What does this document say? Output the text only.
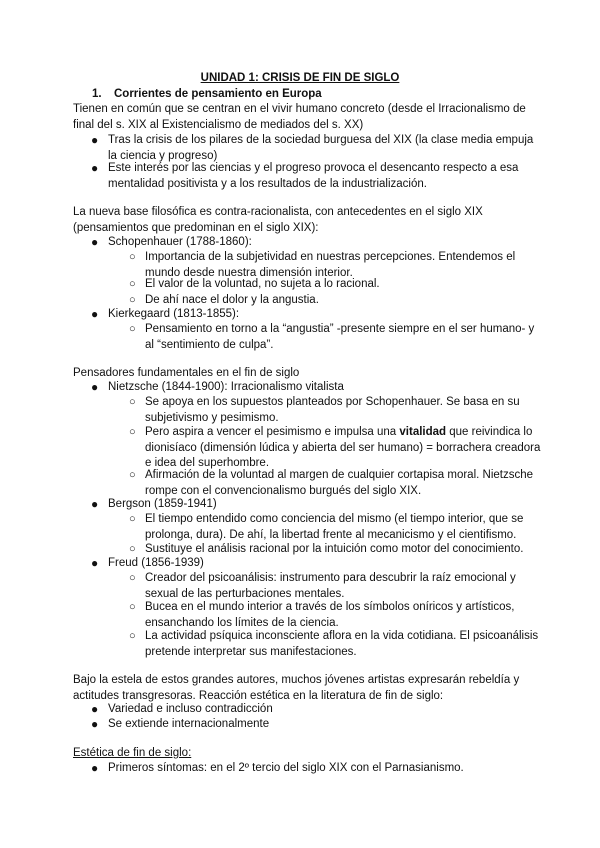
UNIDAD 1: CRISIS DE FIN DE SIGLO
1. Corrientes de pensamiento en Europa
Tienen en común que se centran en el vivir humano concreto (desde el Irracionalismo de
final del s. XIX al Existencialismo de mediados del s. XX)
● Tras la crisis de los pilares de la sociedad burguesa del XIX (la clase media empuja
la ciencia y progreso)
● Este interés por las ciencias y el progreso provoca el desencanto respecto a esa
mentalidad positivista y a los resultados de la industrialización.
La nueva base filosófica es contra-racionalista, con antecedentes en el siglo XIX
(pensamientos que predominan en el siglo XIX):
● Schopenhauer (1788-1860):
○ Importancia de la subjetividad en nuestras percepciones. Entendemos el
mundo desde nuestra dimensión interior.
○ El valor de la voluntad, no sujeta a lo racional.
○ De ahí nace el dolor y la angustia.
● Kierkegaard (1813-1855):
○ Pensamiento en torno a la “angustia” -presente siempre en el ser humano- y
al “sentimiento de culpa”.
Pensadores fundamentales en el fin de siglo
● Nietzsche (1844-1900): Irracionalismo vitalista
○ Se apoya en los supuestos planteados por Schopenhauer. Se basa en su
subjetivismo y pesimismo.
○ Pero aspira a vencer el pesimismo e impulsa una vitalidad que reivindica lo
dionisíaco (dimensión lúdica y abierta del ser humano) = borrachera creadora
e idea del superhombre.
○ Afirmación de la voluntad al margen de cualquier cortapisa moral. Nietzsche
rompe con el convencionalismo burgués del siglo XIX.
● Bergson (1859-1941)
○ El tiempo entendido como conciencia del mismo (el tiempo interior, que se
prolonga, dura). De ahí, la libertad frente al mecanicismo y el cientifismo.
○ Sustituye el análisis racional por la intuición como motor del conocimiento.
● Freud (1856-1939)
○ Creador del psicoanálisis: instrumento para descubrir la raíz emocional y
sexual de las perturbaciones mentales.
○ Bucea en el mundo interior a través de los símbolos oníricos y artísticos,
ensanchando los límites de la ciencia.
○ La actividad psíquica inconsciente aflora en la vida cotidiana. El psicoanálisis
pretende interpretar sus manifestaciones.
Bajo la estela de estos grandes autores, muchos jóvenes artistas expresarán rebeldía y
actitudes transgresoras. Reacción estética en la literatura de fin de siglo:
● Variedad e incluso contradicción
● Se extiende internacionalmente
Estética de fin de siglo:
● Primeros síntomas: en el 2º tercio del siglo XIX con el Parnasianismo.
